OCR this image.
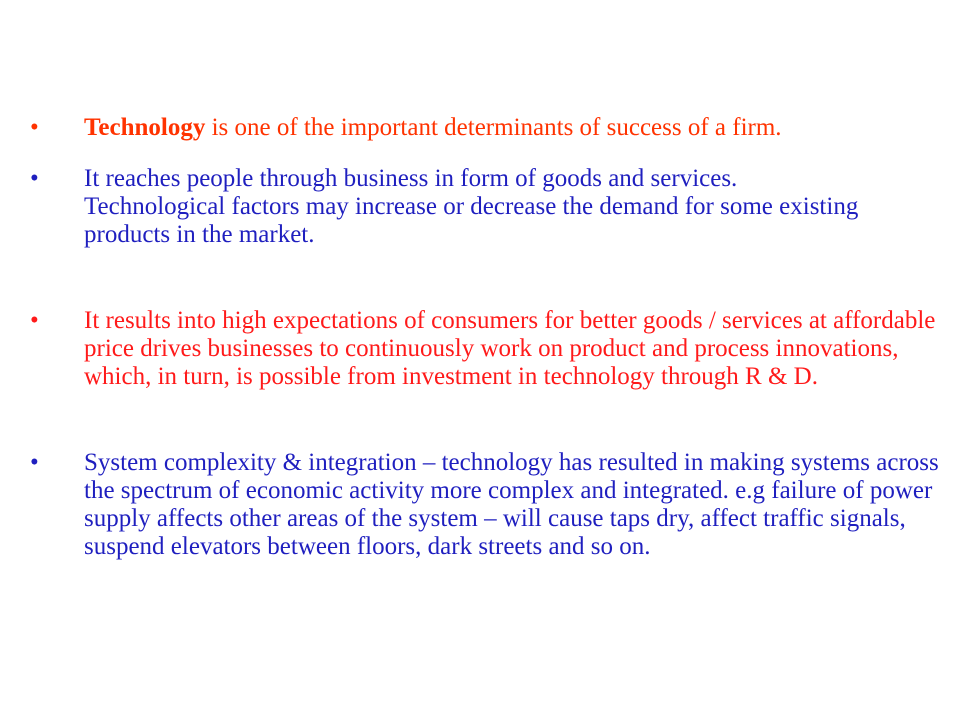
•	Technology is one of the important determinants of success of a firm.
•	It reaches people through business in form of goods and services.
Technological factors may increase or decrease the demand for some existing products in the market.
•	It results into high expectations of consumers for better goods / services at affordable price drives businesses to continuously work on product and process innovations, which, in turn, is possible from investment in technology through R & D.
•	System complexity & integration – technology has resulted in making systems across the spectrum of economic activity more complex and integrated. e.g failure of power supply affects other areas of the system – will cause taps dry, affect traffic signals, suspend elevators between floors, dark streets and so on.
